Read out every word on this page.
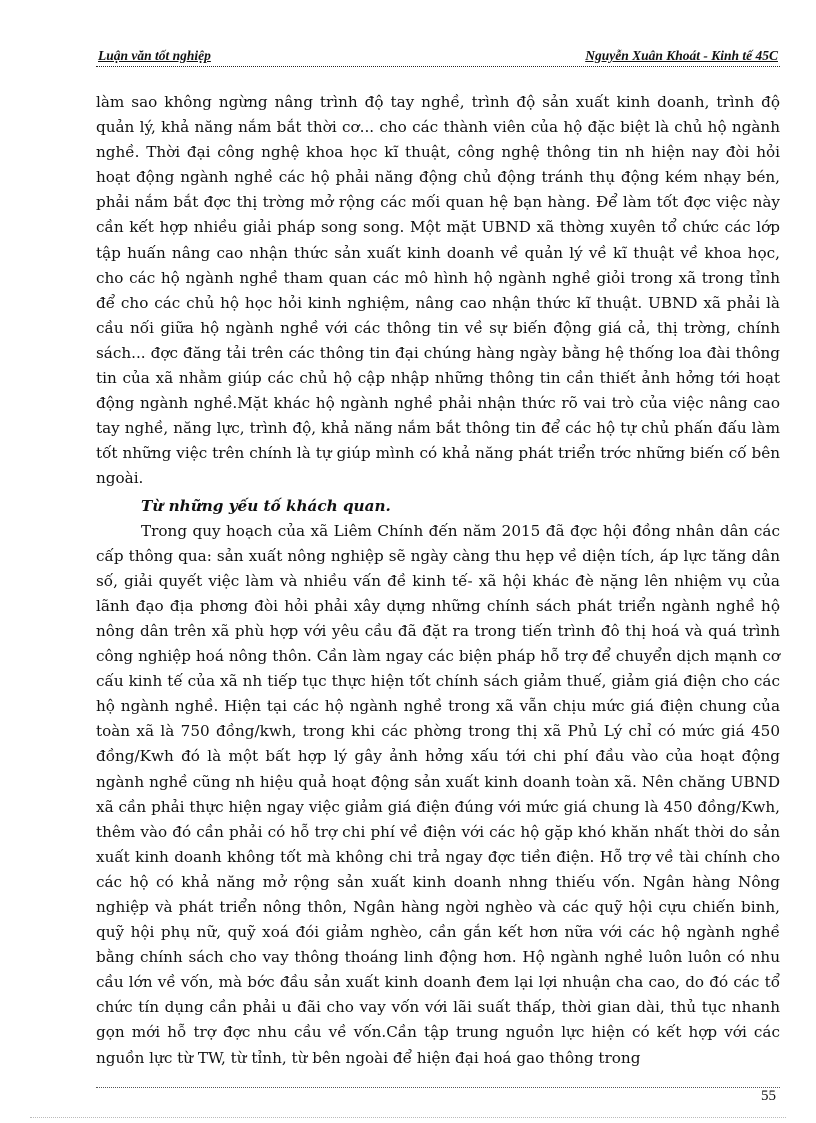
Luận văn tốt nghiệp	Nguyễn Xuân Khoát - Kinh tế 45C

làm sao không ngừng nâng trình độ tay nghề, trình độ sản xuất kinh doanh, trình độ quản lý, khả năng nắm bắt thời cơ... cho các thành viên của hộ đặc biệt là chủ hộ ngành nghề. Thời đại công nghệ khoa học kĩ thuật, công nghệ thông tin nh hiện nay đòi hỏi hoạt động ngành nghề các hộ phải năng động chủ động tránh thụ động kém nhạy bén, phải nắm bắt đợc thị trờng mở rộng các mối quan hệ bạn hàng. Để làm tốt đợc việc này cần kết hợp nhiều giải pháp song song. Một mặt UBND xã thờng xuyên tổ chức các lớp tập huấn nâng cao nhận thức sản xuất kinh doanh về quản lý về kĩ thuật về khoa học, cho các hộ ngành nghề tham quan các mô hình hộ ngành nghề giỏi trong xã trong tỉnh để cho các chủ hộ học hỏi kinh nghiệm, nâng cao nhận thức kĩ thuật. UBND xã phải là cầu nối giữa hộ ngành nghề với các thông tin về sự biến động giá cả, thị trờng, chính sách... đợc đăng tải trên các thông tin đại chúng hàng ngày bằng hệ thống loa đài thông tin của xã nhằm giúp các chủ hộ cập nhập những thông tin cần thiết ảnh hởng tới hoạt động ngành nghề.Mặt khác hộ ngành nghề phải nhận thức rõ vai trò của việc nâng cao tay nghề, năng lực, trình độ, khả năng nắm bắt thông tin để các hộ tự chủ phấn đấu làm tốt những việc trên chính là tự giúp mình có khả năng phát triển trớc những biến cố bên ngoài.

Từ những yếu tố khách quan.

Trong quy hoạch của xã Liêm Chính đến năm 2015 đã đợc hội đồng nhân dân các cấp thông qua: sản xuất nông nghiệp sẽ ngày càng thu hẹp về diện tích, áp lực tăng dân số, giải quyết việc làm và nhiều vấn đề kinh tế- xã hội khác đè nặng lên nhiệm vụ của lãnh đạo địa phơng đòi hỏi phải xây dựng những chính sách phát triển ngành nghề hộ nông dân trên xã phù hợp với yêu cầu đã đặt ra trong tiến trình đô thị hoá và quá trình công nghiệp hoá nông thôn. Cần làm ngay các biện pháp hỗ trợ để chuyển dịch mạnh cơ cấu kinh tế của xã nh tiếp tục thực hiện tốt chính sách giảm thuế, giảm giá điện cho các hộ ngành nghề. Hiện tại các hộ ngành nghề trong xã vẫn chịu mức giá điện chung của toàn xã là 750 đồng/kwh, trong khi các phờng trong thị xã Phủ Lý chỉ có mức giá 450 đồng/Kwh đó là một bất hợp lý gây ảnh hởng xấu tới chi phí đầu vào của hoạt động ngành nghề cũng nh hiệu quả hoạt động sản xuất kinh doanh toàn xã. Nên chăng UBND xã cần phải thực hiện ngay việc giảm giá điện đúng với mức giá chung là 450 đồng/Kwh, thêm vào đó cần phải có hỗ trợ chi phí về điện với các hộ gặp khó khăn nhất thời do sản xuất kinh doanh không tốt mà không chi trả ngay đợc tiền điện. Hỗ trợ về tài chính cho các hộ có khả năng mở rộng sản xuất kinh doanh nhng thiếu vốn. Ngân hàng Nông nghiệp và phát triển nông thôn, Ngân hàng ngời nghèo và các quỹ hội cựu chiến binh, quỹ hội phụ nữ, quỹ xoá đói giảm nghèo, cần gắn kết hơn nữa với các hộ ngành nghề bằng chính sách cho vay thông thoáng linh động hơn. Hộ ngành nghề luôn luôn có nhu cầu lớn về vốn, mà bớc đầu sản xuất kinh doanh đem lại lợi nhuận cha cao, do đó các tổ chức tín dụng cần phải u đãi cho vay vốn với lãi suất thấp, thời gian dài, thủ tục nhanh gọn mới hỗ trợ đợc nhu cầu về vốn.Cần tập trung nguồn lực hiện có kết hợp với các nguồn lực từ TW, từ tỉnh, từ bên ngoài để hiện đại hoá gao thông trong

55
